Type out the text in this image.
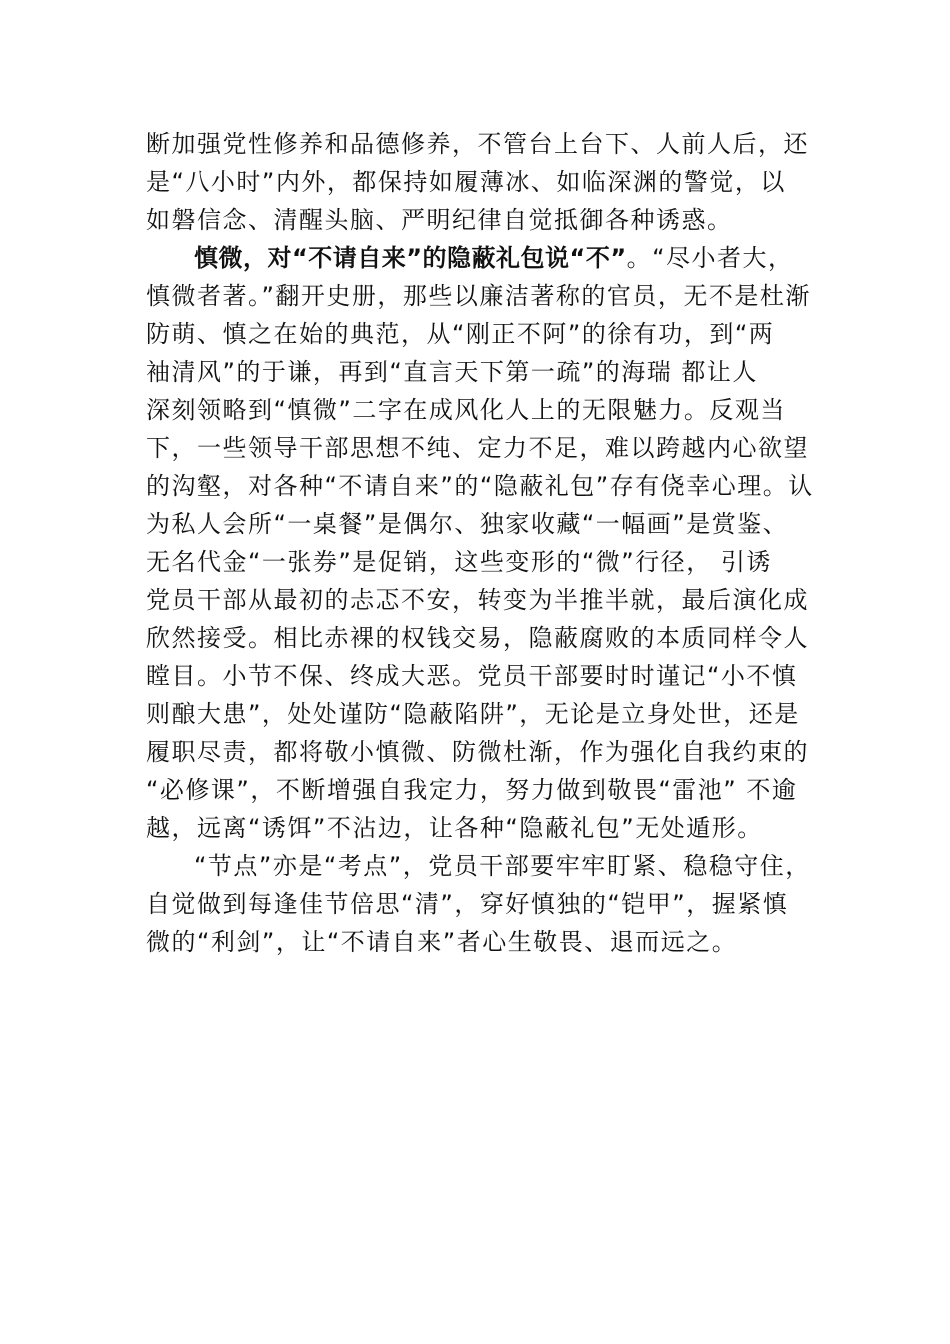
断加强党性修养和品德修养，不管台上台下、人前人后，还
是“八小时”内外，都保持如履薄冰、如临深渊的警觉，以
如磐信念、清醒头脑、严明纪律自觉抵御各种诱惑。
慎微，对“不请自来”的隐蔽礼包说“不”。“尽小者大，
慎微者著。”翻开史册，那些以廉洁著称的官员，无不是杜渐
防萌、慎之在始的典范，从“刚正不阿”的徐有功，到“两
袖清风”的于谦，再到“直言天下第一疏”的海瑞 都让人
深刻领略到“慎微”二字在成风化人上的无限魅力。反观当
下，一些领导干部思想不纯、定力不足，难以跨越内心欲望
的沟壑，对各种“不请自来”的“隐蔽礼包”存有侥幸心理。认
为私人会所“一桌餐”是偶尔、独家收藏“一幅画”是赏鉴、
无名代金“一张券”是促销，这些变形的“微”行径， 引诱
党员干部从最初的忐忑不安，转变为半推半就，最后演化成
欣然接受。相比赤裸的权钱交易，隐蔽腐败的本质同样令人
瞠目。小节不保、终成大恶。党员干部要时时谨记“小不慎
则酿大患”，处处谨防“隐蔽陷阱”，无论是立身处世，还是
履职尽责，都将敬小慎微、防微杜渐，作为强化自我约束的
“必修课”，不断增强自我定力，努力做到敬畏“雷池” 不逾
越，远离“诱饵”不沾边，让各种“隐蔽礼包”无处遁形。
“节点”亦是“考点”，党员干部要牢牢盯紧、稳稳守住，
自觉做到每逢佳节倍思“清”，穿好慎独的“铠甲”，握紧慎
微的“利剑”，让“不请自来”者心生敬畏、退而远之。
